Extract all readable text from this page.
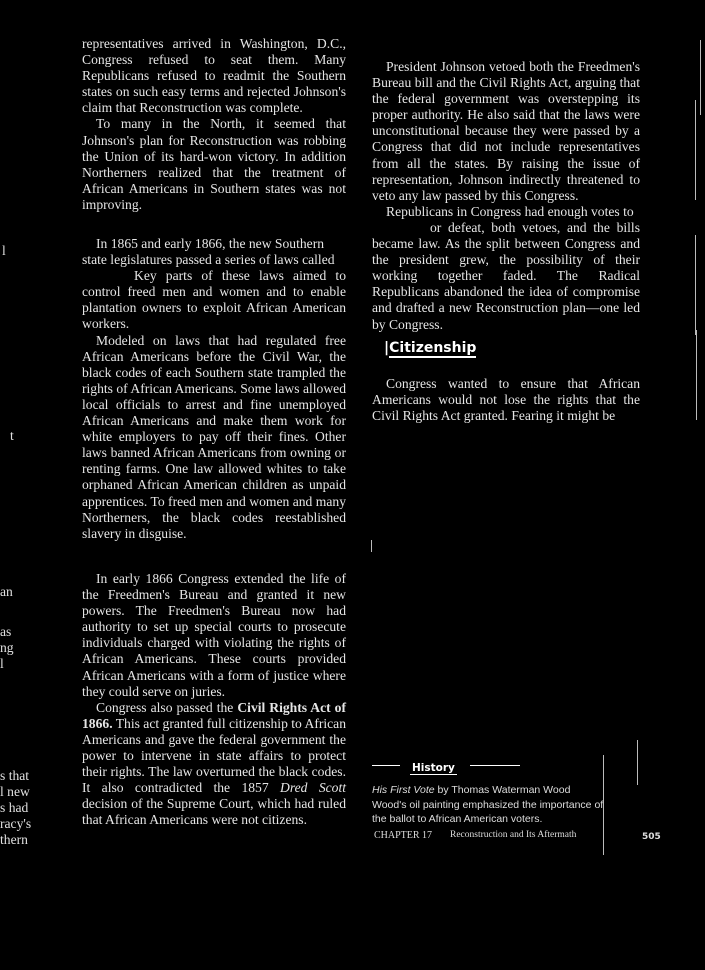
l
t
an
as
ng
l
s that
l new
s had
racy's
thern

representatives arrived in Washington, D.C., Congress refused to seat them. Many Republicans refused to readmit the Southern states on such easy terms and rejected Johnson's claim that Reconstruction was complete.

To many in the North, it seemed that Johnson's plan for Reconstruction was robbing the Union of its hard-won victory. In addition Northerners realized that the treatment of African Americans in Southern states was not improving.

In 1865 and early 1866, the new Southern state legislatures passed a series of laws called

Key parts of these laws aimed to control freed men and women and to enable plantation owners to exploit African American workers.

Modeled on laws that had regulated free African Americans before the Civil War, the black codes of each Southern state trampled the rights of African Americans. Some laws allowed local officials to arrest and fine unemployed African Americans and make them work for white employers to pay off their fines. Other laws banned African Americans from owning or renting farms. One law allowed whites to take orphaned African American children as unpaid apprentices. To freed men and women and many Northerners, the black codes reestablished slavery in disguise.

In early 1866 Congress extended the life of the Freedmen's Bureau and granted it new powers. The Freedmen's Bureau now had authority to set up special courts to prosecute individuals charged with violating the rights of African Americans. These courts provided African Americans with a form of justice where they could serve on juries.

Congress also passed the Civil Rights Act of 1866. This act granted full citizenship to African Americans and gave the federal government the power to intervene in state affairs to protect their rights. The law overturned the black codes. It also contradicted the 1857 Dred Scott decision of the Supreme Court, which had ruled that African Americans were not citizens.

President Johnson vetoed both the Freedmen's Bureau bill and the Civil Rights Act, arguing that the federal government was overstepping its proper authority. He also said that the laws were unconstitutional because they were passed by a Congress that did not include representatives from all the states. By raising the issue of representation, Johnson indirectly threatened to veto any law passed by this Congress.

Republicans in Congress had enough votes to

or defeat, both vetoes, and the bills became law. As the split between Congress and the president grew, the possibility of their working together faded. The Radical Republicans abandoned the idea of compromise and drafted a new Reconstruction plan—one led by Congress.

|Citizenship

Congress wanted to ensure that African Americans would not lose the rights that the Civil Rights Act granted. Fearing it might be

History
His First Vote by Thomas Waterman Wood
Wood's oil painting emphasized the importance of the ballot to African American voters.
CHAPTER 17 Reconstruction and Its Aftermath	505
